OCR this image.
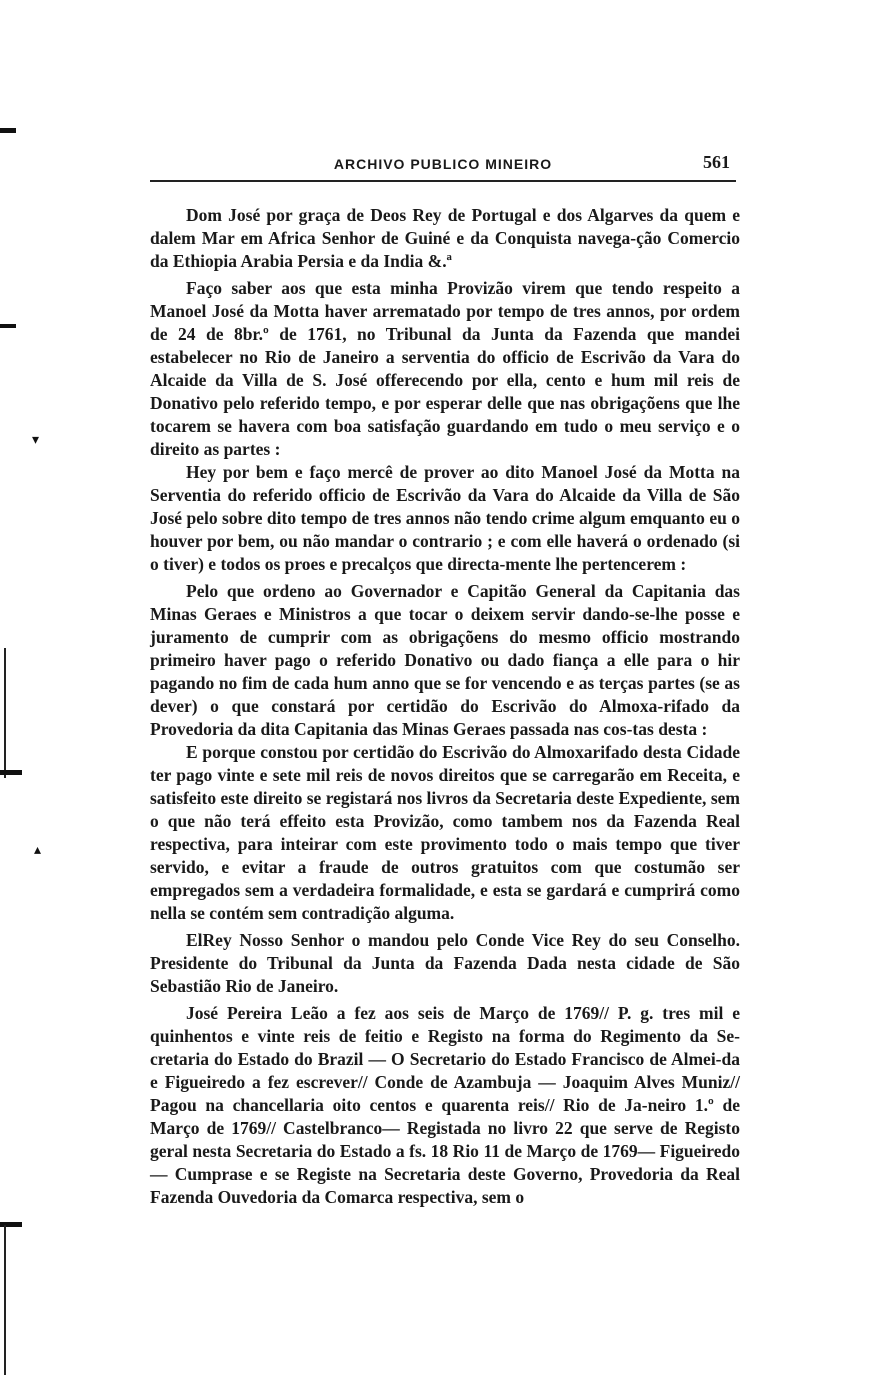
ARCHIVO PUBLICO MINEIRO	561

Dom José por graça de Deos Rey de Portugal e dos Algarves da quem e dalem Mar em Africa Senhor de Guiné e da Conquista navega-ção Comercio da Ethiopia Arabia Persia e da India &.ª

Faço saber aos que esta minha Provizão virem que tendo respeito a Manoel José da Motta haver arrematado por tempo de tres annos, por ordem de 24 de 8br.º de 1761, no Tribunal da Junta da Fazenda que mandei estabelecer no Rio de Janeiro a serventia do officio de Escrivão da Vara do Alcaide da Villa de S. José offerecendo por ella, cento e hum mil reis de Donativo pelo referido tempo, e por esperar delle que nas obrigaçõens que lhe tocarem se havera com boa satisfação guardando em tudo o meu serviço e o direito as partes :

Hey por bem e faço mercê de prover ao dito Manoel José da Motta na Serventia do referido officio de Escrivão da Vara do Alcaide da Villa de São José pelo sobre dito tempo de tres annos não tendo crime algum emquanto eu o houver por bem, ou não mandar o contrario ; e com elle haverá o ordenado (si o tiver) e todos os proes e precalços que directa-mente lhe pertencerem :

Pelo que ordeno ao Governador e Capitão General da Capitania das Minas Geraes e Ministros a que tocar o deixem servir dando-se-lhe posse e juramento de cumprir com as obrigaçõens do mesmo officio mostrando primeiro haver pago o referido Donativo ou dado fiança a elle para o hir pagando no fim de cada hum anno que se for vencendo e as terças partes (se as dever) o que constará por certidão do Escrivão do Almoxa-rifado da Provedoria da dita Capitania das Minas Geraes passada nas cos-tas desta :

E porque constou por certidão do Escrivão do Almoxarifado desta Cidade ter pago vinte e sete mil reis de novos direitos que se carregarão em Receita, e satisfeito este direito se registará nos livros da Secretaria deste Expediente, sem o que não terá effeito esta Provizão, como tambem nos da Fazenda Real respectiva, para inteirar com este provimento todo o mais tempo que tiver servido, e evitar a fraude de outros gratuitos com que costumão ser empregados sem a verdadeira formalidade, e esta se gardará e cumprirá como nella se contém sem contradição alguma.

ElRey Nosso Senhor o mandou pelo Conde Vice Rey do seu Conselho. Presidente do Tribunal da Junta da Fazenda Dada nesta cidade de São Sebastião Rio de Janeiro.

José Pereira Leão a fez aos seis de Março de 1769// P. g. tres mil e quinhentos e vinte reis de feitio e Registo na forma do Regimento da Se-cretaria do Estado do Brazil — O Secretario do Estado Francisco de Almei-da e Figueiredo a fez escrever// Conde de Azambuja — Joaquim Alves Muniz// Pagou na chancellaria oito centos e quarenta reis// Rio de Ja-neiro 1.º de Março de 1769// Castelbranco— Registada no livro 22 que serve de Registo geral nesta Secretaria do Estado a fs. 18 Rio 11 de Março de 1769— Figueiredo— Cumprase e se Registe na Secretaria deste Governo, Provedoria da Real Fazenda Ouvedoria da Comarca respectiva, sem o

▾
▴
